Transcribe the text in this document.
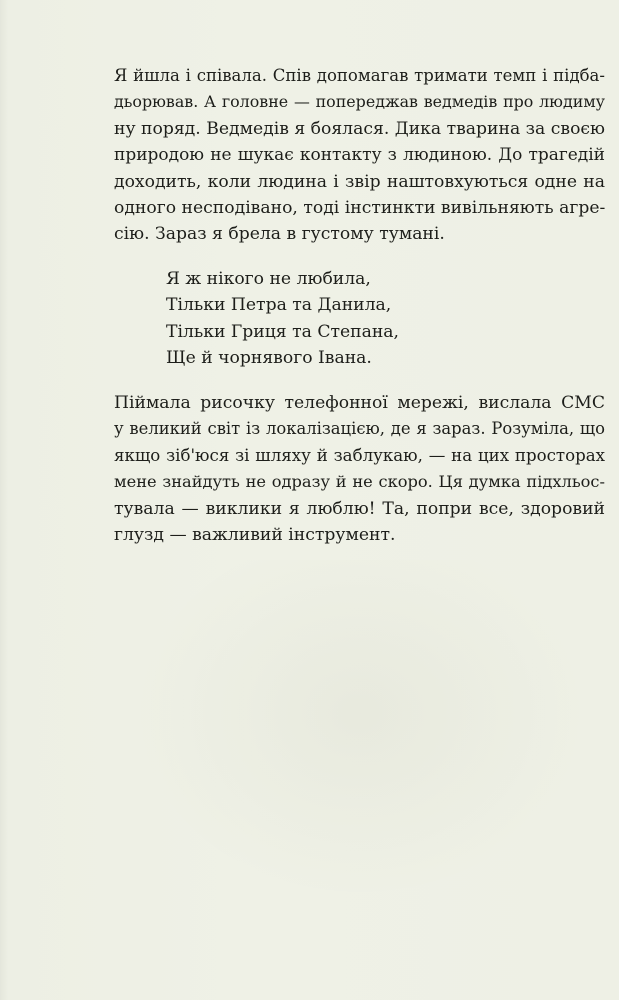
Я йшла і співала. Спів допомагав тримати темп і підба-
дьорював. А головне — попереджав ведмедів про людиму
ну поряд. Ведмедів я боялася. Дика тварина за своєю
природою не шукає контакту з людиною. До трагедій
доходить, коли людина і звір наштовхуються одне на
одного несподівано, тоді інстинкти вивільняють агре-
сію. Зараз я брела в густому тумані.

Я ж нікого не любила,
Тільки Петра та Данила,
Тільки Гриця та Степана,
Ще й чорнявого Івана.

Піймала рисочку телефонної мережі, вислала СМС
у великий світ із локалізацією, де я зараз. Розуміла, що
якщо зіб'юся зі шляху й заблукаю, — на цих просторах
мене знайдуть не одразу й не скоро. Ця думка підхльос-
тувала — виклики я люблю! Та, попри все, здоровий
глузд — важливий інструмент.
